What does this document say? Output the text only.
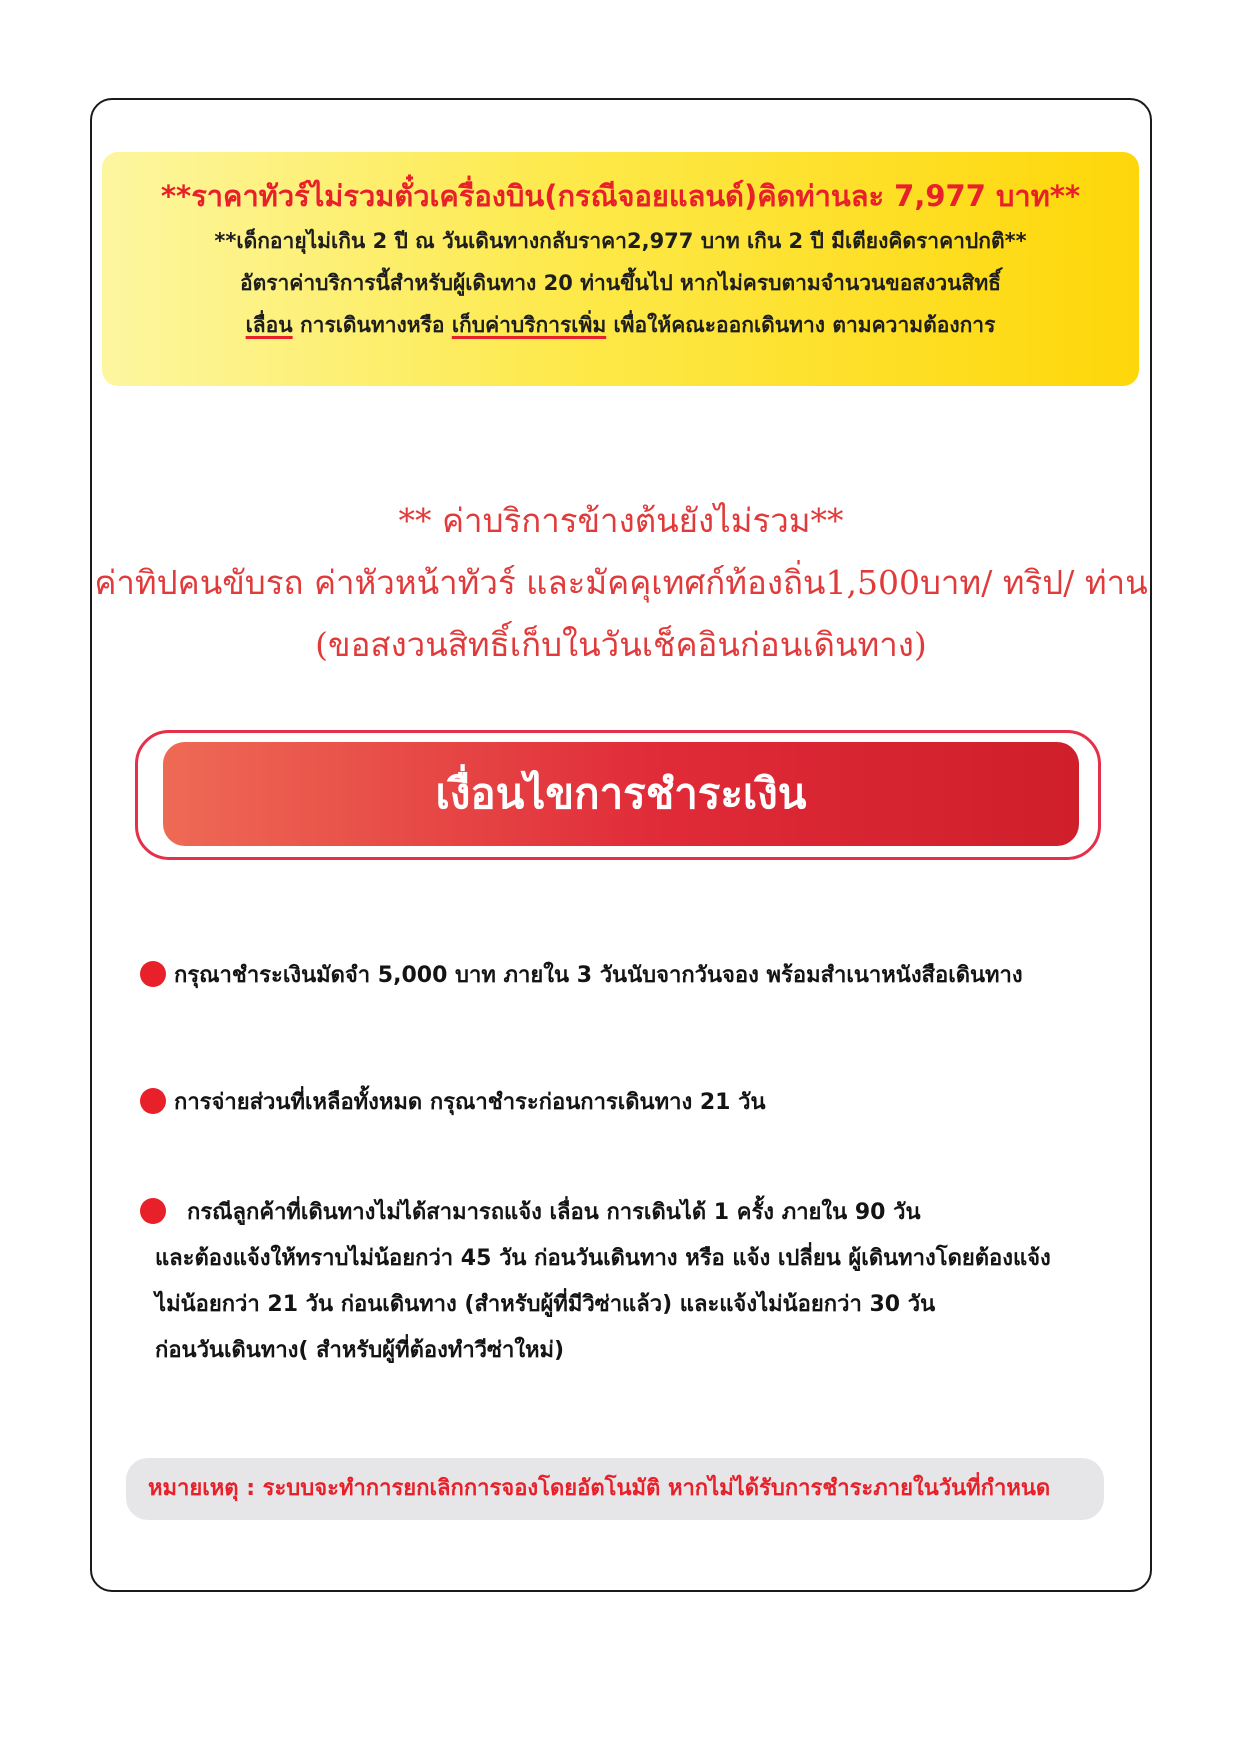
**ราคาทัวร์ไม่รวมตั๋วเครื่องบิน(กรณีจอยแลนด์)คิดท่านละ 7,977 บาท**
**เด็กอายุไม่เกิน 2 ปี ณ วันเดินทางกลับราคา2,977 บาท เกิน 2 ปี มีเตียงคิดราคาปกติ**
อัตราค่าบริการนี้สำหรับผู้เดินทาง 20 ท่านขึ้นไป หากไม่ครบตามจำนวนขอสงวนสิทธิ์
เลื่อน การเดินทางหรือ เก็บค่าบริการเพิ่ม เพื่อให้คณะออกเดินทาง ตามความต้องการ
** ค่าบริการข้างต้นยังไม่รวม**
ค่าทิปคนขับรถ ค่าหัวหน้าทัวร์ และมัคคุเทศก์ท้องถิ่น1,500บาท/ ทริป/ ท่าน
(ขอสงวนสิทธิ์เก็บในวันเช็คอินก่อนเดินทาง)
เงื่อนไขการชำระเงิน
กรุณาชำระเงินมัดจำ 5,000 บาท ภายใน 3 วันนับจากวันจอง พร้อมสำเนาหนังสือเดินทาง
การจ่ายส่วนที่เหลือทั้งหมด กรุณาชำระก่อนการเดินทาง 21 วัน
กรณีลูกค้าที่เดินทางไม่ได้สามารถแจ้ง เลื่อน การเดินได้ 1 ครั้ง ภายใน 90 วัน
และต้องแจ้งให้ทราบไม่น้อยกว่า 45 วัน ก่อนวันเดินทาง หรือ แจ้ง เปลี่ยน ผู้เดินทางโดยต้องแจ้ง
ไม่น้อยกว่า 21 วัน ก่อนเดินทาง (สำหรับผู้ที่มีวิซ่าแล้ว) และแจ้งไม่น้อยกว่า 30 วัน
ก่อนวันเดินทาง( สำหรับผู้ที่ต้องทำวีซ่าใหม่)
หมายเหตุ : ระบบจะทำการยกเลิกการจองโดยอัตโนมัติ หากไม่ได้รับการชำระภายในวันที่กำหนด
